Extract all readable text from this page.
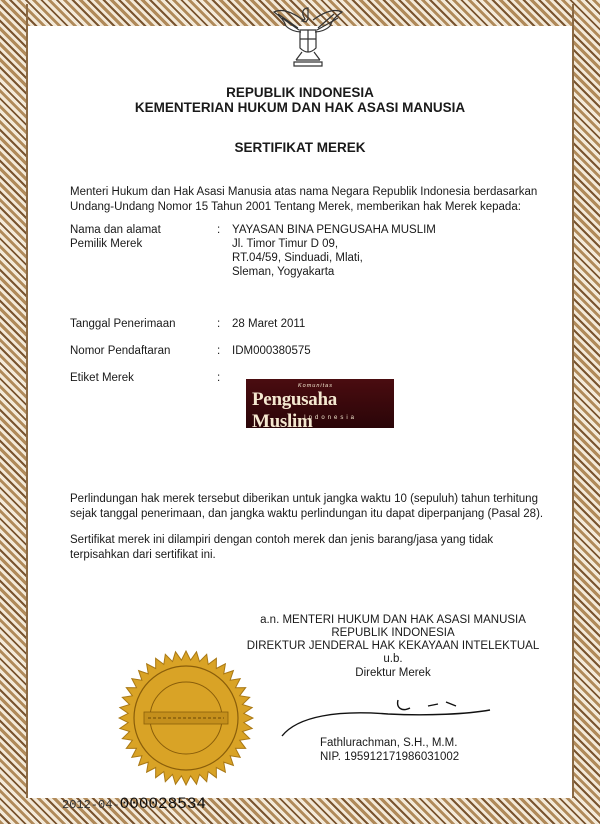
REPUBLIK INDONESIA
KEMENTERIAN HUKUM DAN HAK ASASI MANUSIA
SERTIFIKAT MEREK
Menteri Hukum dan Hak Asasi Manusia atas nama Negara Republik Indonesia berdasarkan Undang-Undang Nomor 15 Tahun 2001 Tentang Merek, memberikan hak Merek kepada:
Nama dan alamat
Pemilik Merek
: YAYASAN BINA PENGUSAHA MUSLIM
Jl. Timor Timur D 09,
RT.04/59, Sinduadi, Mlati,
Sleman, Yogyakarta
Tanggal Penerimaan	: 28 Maret 2011
Nomor Pendaftaran	: IDM000380575
Etiket Merek	:
Komunitas
Pengusaha Muslim
Indonesia
Perlindungan hak merek tersebut diberikan untuk jangka waktu 10 (sepuluh) tahun terhitung sejak tanggal penerimaan, dan jangka waktu perlindungan itu dapat diperpanjang (Pasal 28).
Sertifikat merek ini dilampiri dengan contoh merek dan jenis barang/jasa yang tidak terpisahkan dari sertifikat ini.
a.n. MENTERI HUKUM DAN HAK ASASI MANUSIA
REPUBLIK INDONESIA
DIREKTUR JENDERAL HAK KEKAYAAN INTELEKTUAL
u.b.
Direktur Merek
Fathlurachman, S.H., M.M.
NIP. 195912171986031002
2012-04-000028534
